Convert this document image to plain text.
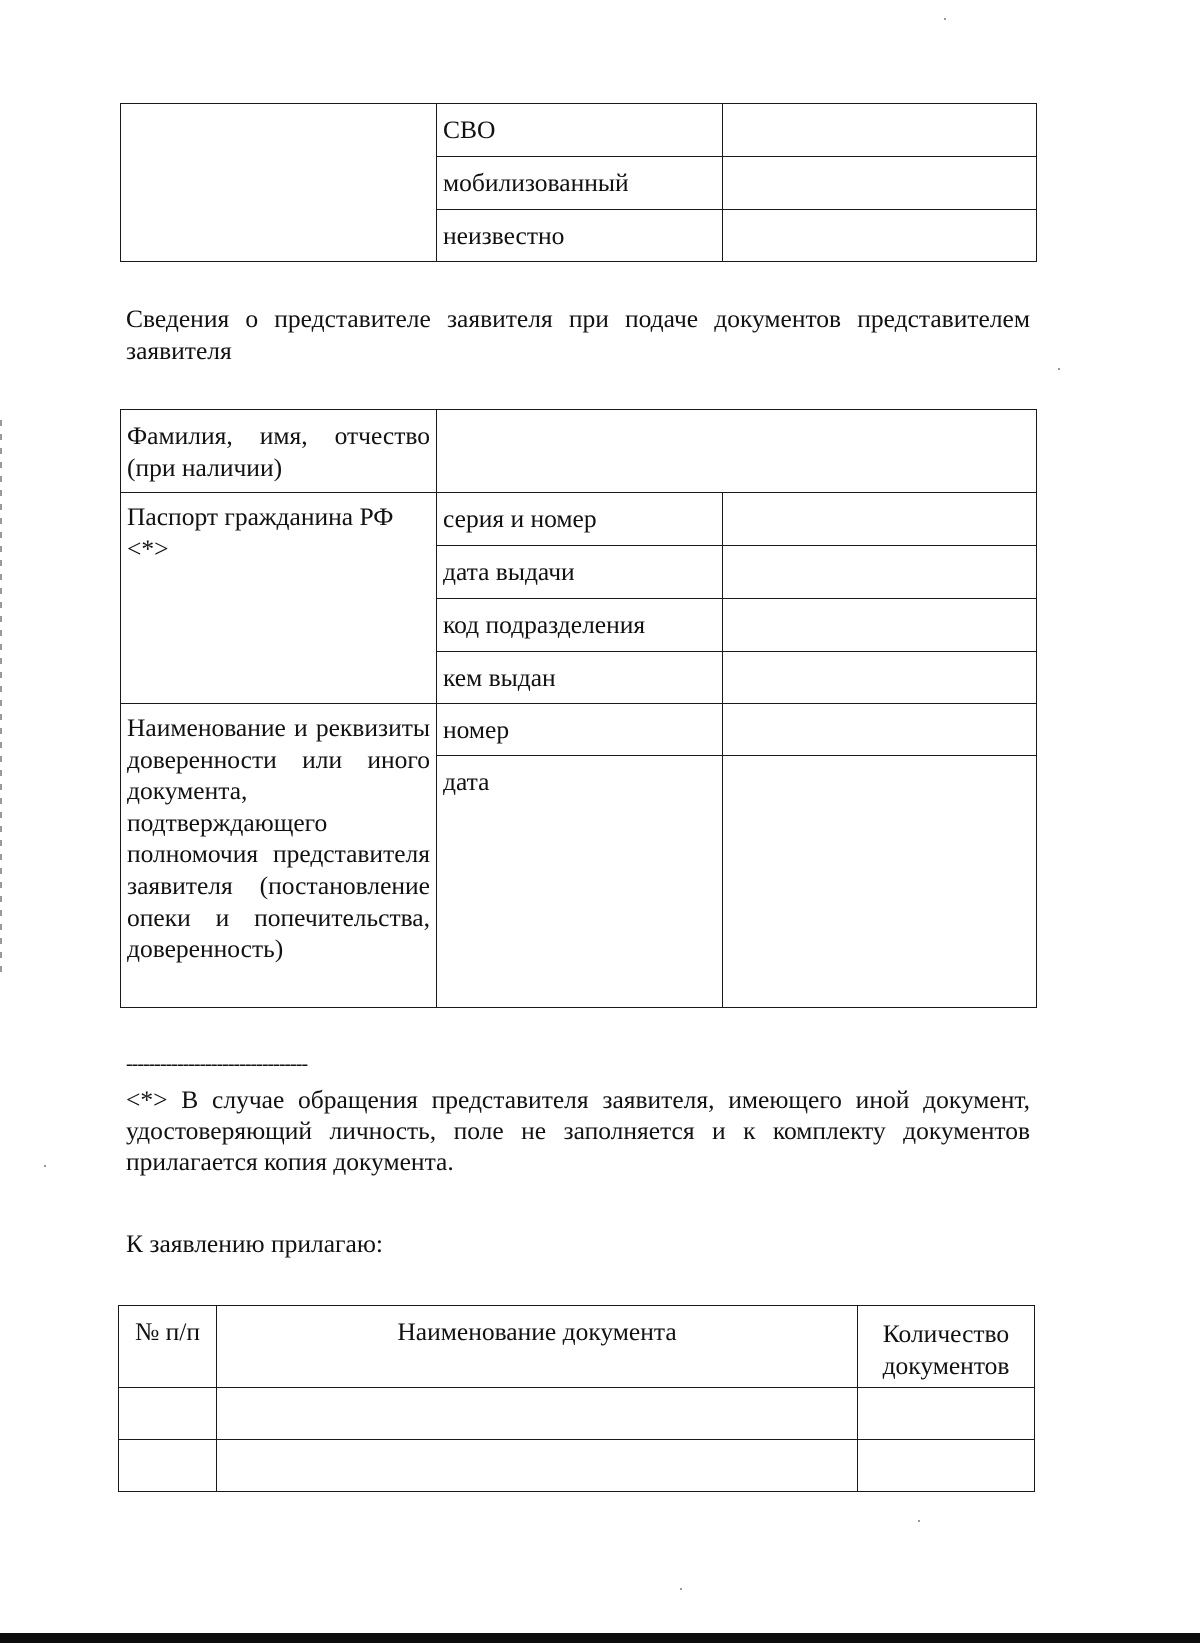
	СВО	
	мобилизованный	
	неизвестно	
Сведения о представителе заявителя при подаче документов представителем заявителя
Фамилия, имя, отчество (при наличии)		

Паспорт гражданина РФ <*>	серия и номер	
	дата выдачи	
	код подразделения	
	кем выдан	

Наименование и реквизиты доверенности или иного документа, подтверждающего полномочия представителя заявителя (постановление опеки и попечительства, доверенность)	номер	
	дата	
--------------------------------
<*> В случае обращения представителя заявителя, имеющего иной документ, удостоверяющий личность, поле не заполняется и к комплекту документов прилагается копия документа.
К заявлению прилагаю:
№ п/п	Наименование документа	Количество документов
